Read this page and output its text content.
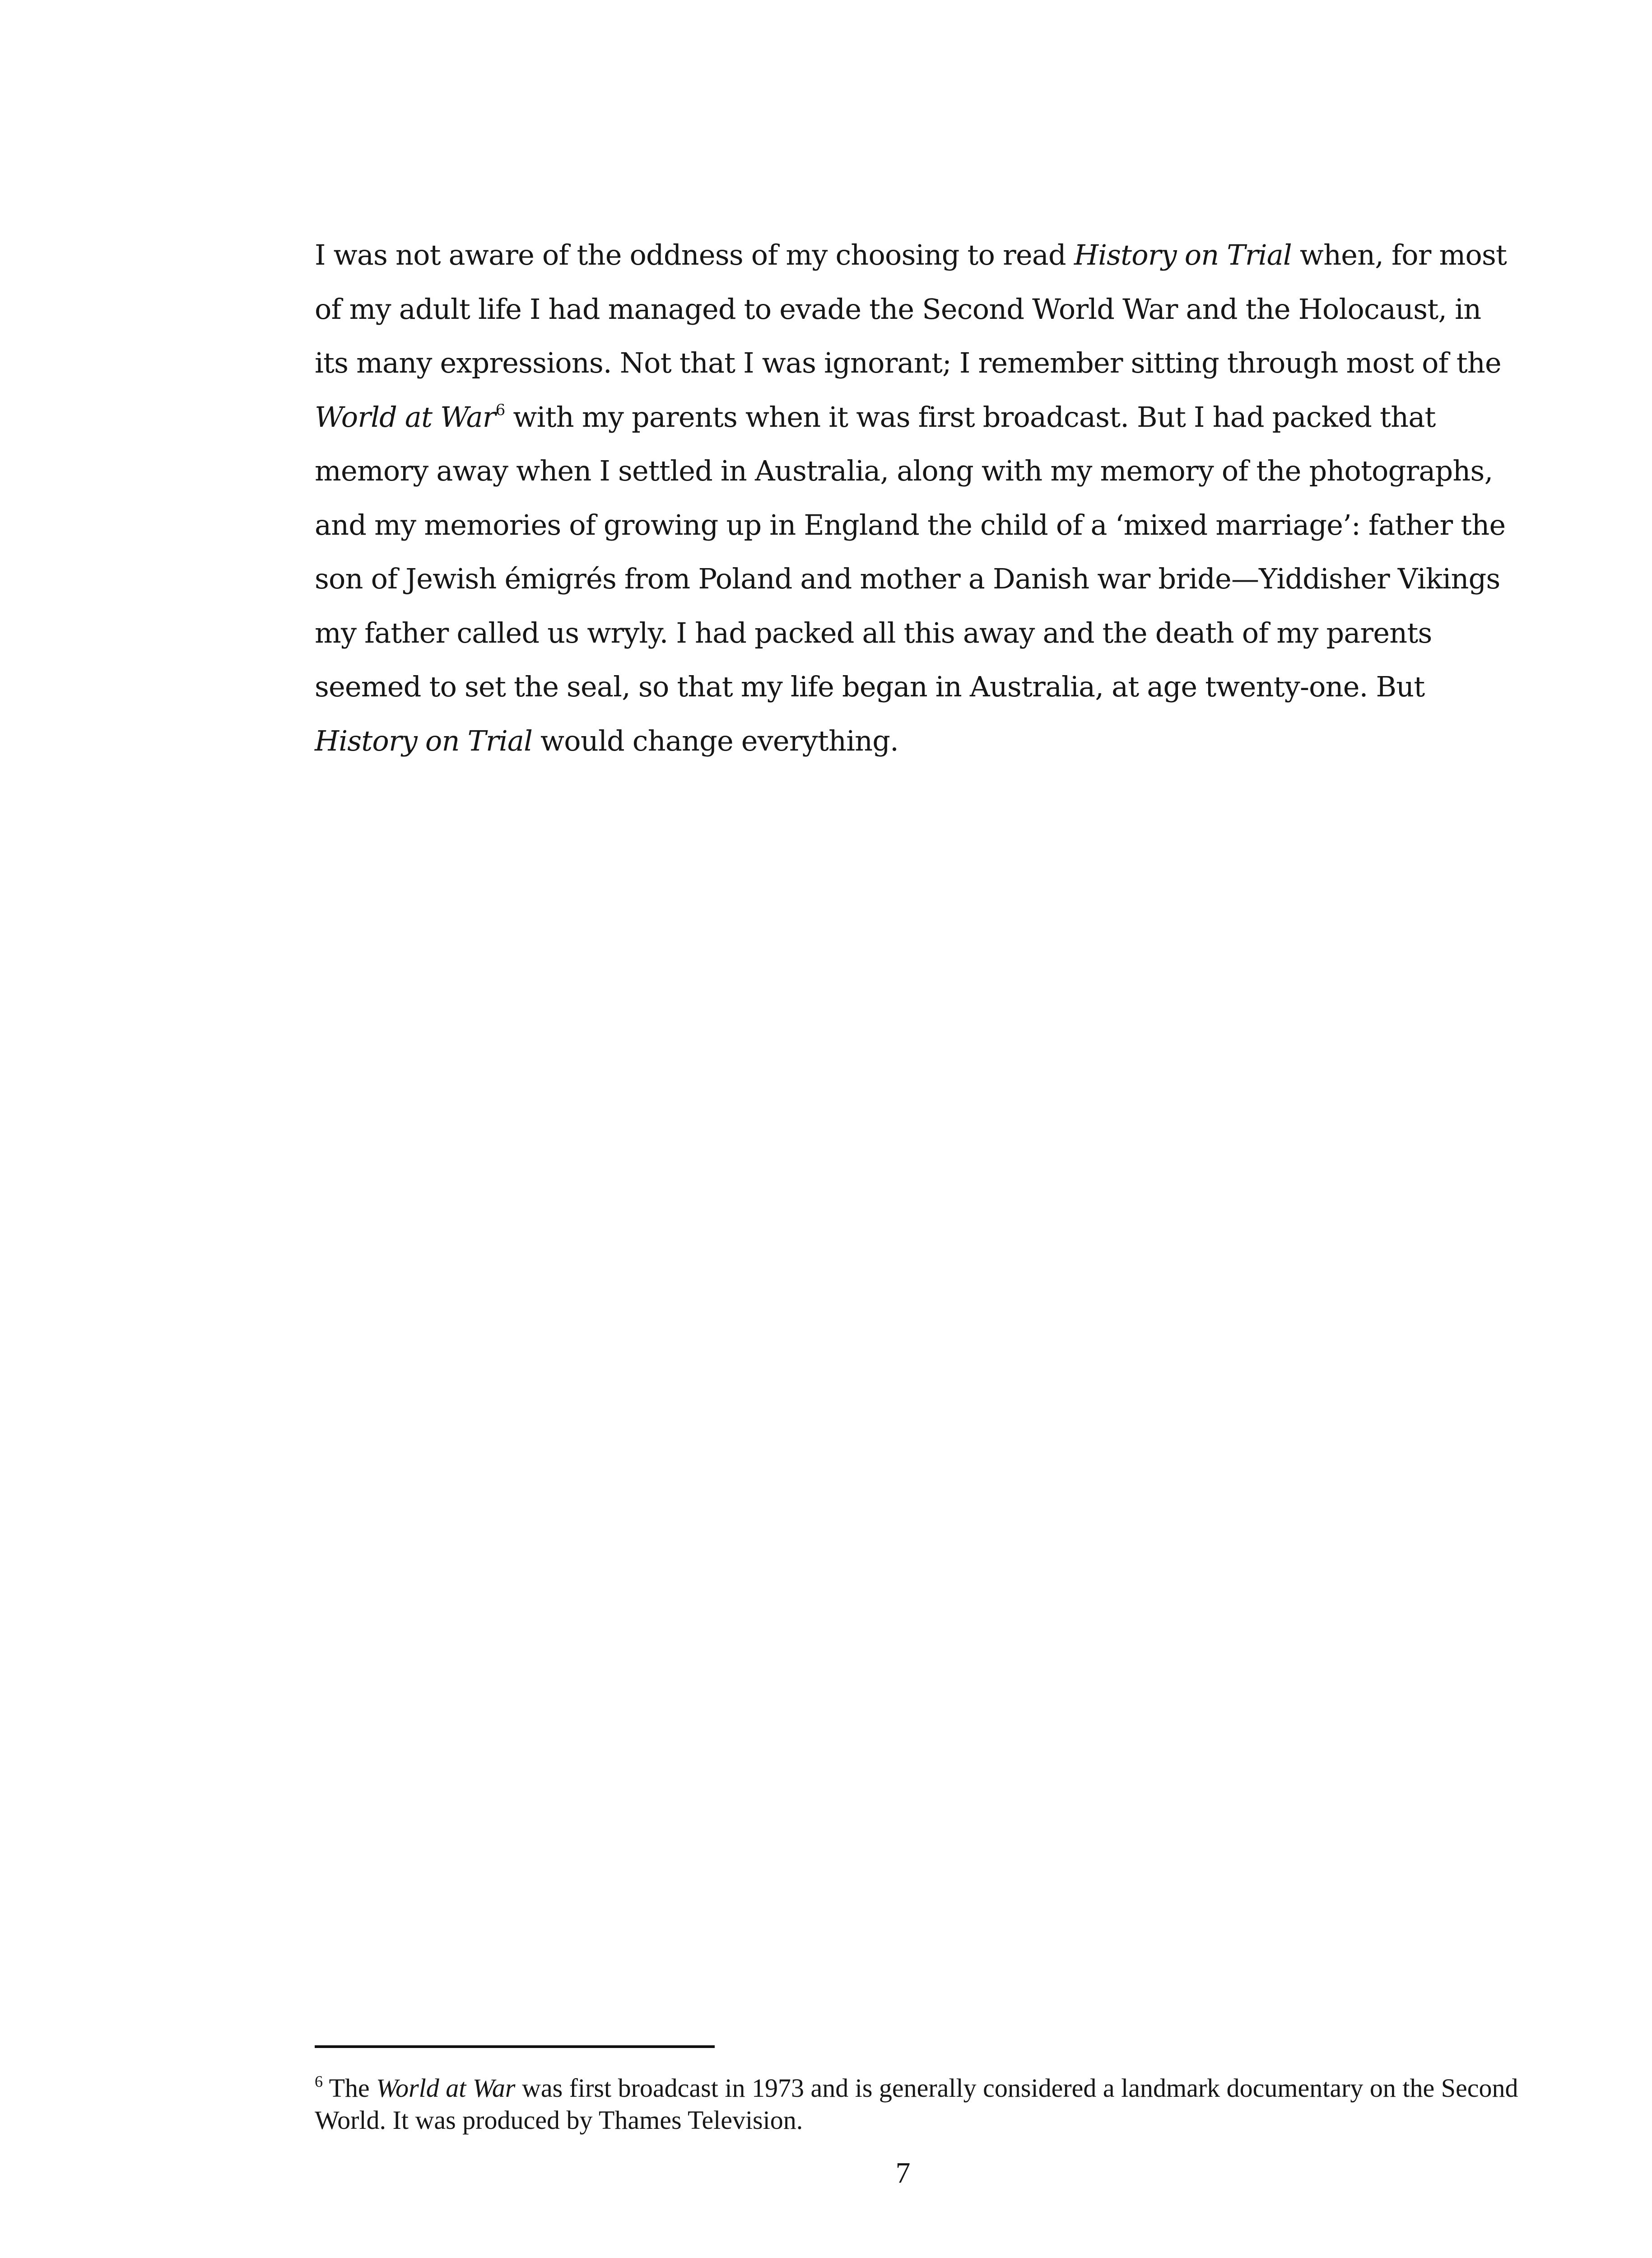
I was not aware of the oddness of my choosing to read History on Trial when, for most of my adult life I had managed to evade the Second World War and the Holocaust, in its many expressions. Not that I was ignorant; I remember sitting through most of the World at War$^6$ with my parents when it was first broadcast. But I had packed that memory away when I settled in Australia, along with my memory of the photographs, and my memories of growing up in England the child of a ‘mixed marriage’: father the son of Jewish émigrés from Poland and mother a Danish war bride—Yiddisher Vikings my father called us wryly. I had packed all this away and the death of my parents seemed to set the seal, so that my life began in Australia, at age twenty-one. But History on Trial would change everything.

$^6$ The World at War was first broadcast in 1973 and is generally considered a landmark documentary on the Second World. It was produced by Thames Television.

7
